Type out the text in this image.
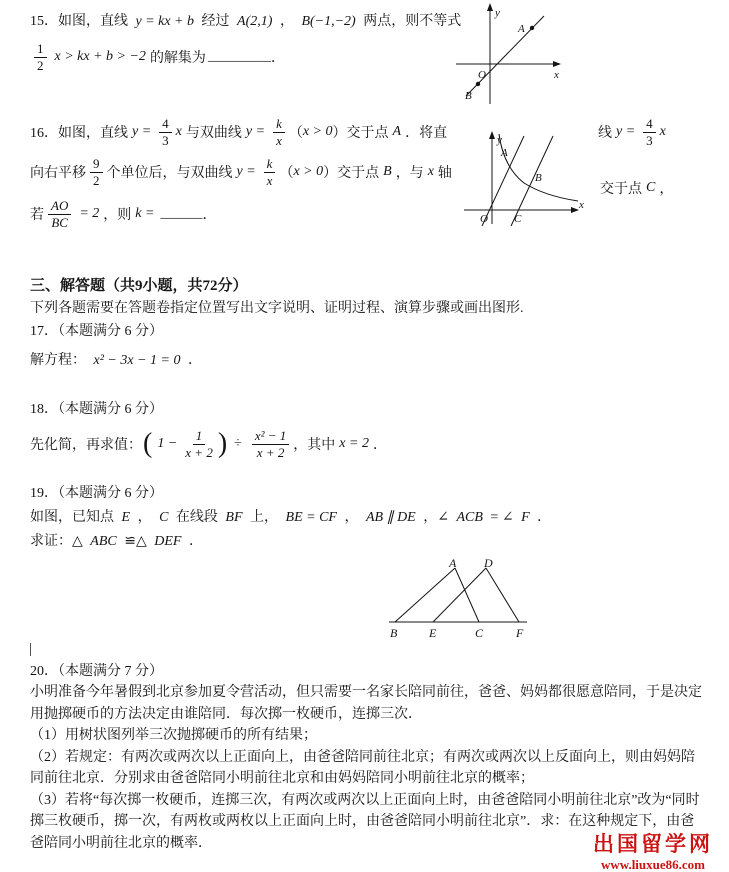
15．如图，直线 y = kx + b 经过 A(2,1) ， B(−1,−2) 两点，则不等式
$\frac{1}{2}$ x > kx + b > −2 的解集为 _________ ．
y
x
A
B
O
16．如图，直线 $y = \frac{4}{3}$ x 与双曲线 $y = \frac{k}{x}$ （ x > 0 ）交于点 A ．将直	线 $y = \frac{4}{3}$ x
向右平移 $\frac{9}{2}$ 个单位后，与双曲线 $y = \frac{k}{x}$ （ x > 0 ）交于点 B ，与 x 轴
交于点 C ，
若 $\frac{AO}{BC} = 2$ ，则 k = ______ ．
y
x
A
B
O C
三、解答题（共9小题，共72分）
下列各题需要在答题卷指定位置写出文字说明、证明过程、演算步骤或画出图形.
17．（本题满分 6 分）
解方程： x² − 3x − 1 = 0 ．
18．（本题满分 6 分）
先化简，再求值： ( $1 - \frac{1}{x + 2}$ ) ÷ $\frac{\text{x² − 1}}{x + 2}$ ，其中 x = 2 ．
19．（本题满分 6 分）
如图，已知点 E ， C 在线段 BF 上， BE = CF ， AB ∥ DE ，∠ ACB = ∠ F ．
求证：△ ABC ≌△ DEF ．
A D
B	E	C	F
|
20．（本题满分 7 分）

小明准备今年暑假到北京参加夏令营活动，但只需要一名家长陪同前往，爸爸、妈妈都很愿意陪同，于是决定用抛掷硬币的方法决定由谁陪同．每次掷一枚硬币，连掷三次．

（1）用树状图列举三次抛掷硬币的所有结果；

（2）若规定：有两次或两次以上正面向上，由爸爸陪同前往北京；有两次或两次以上反面向上，则由妈妈陪同前往北京．分别求由爸爸陪同小明前往北京和由妈妈陪同小明前往北京的概率；

（3）若将“每次掷一枚硬币，连掷三次，有两次或两次以上正面向上时，由爸爸陪同小明前往北京”改为“同时掷三枚硬币，掷一次，有两枚或两枚以上正面向上时，由爸爸陪同小明前往北京”．求：在这种规定下，由爸爸陪同小明前往北京的概率．	出国留学网
www.liuxue86.com
